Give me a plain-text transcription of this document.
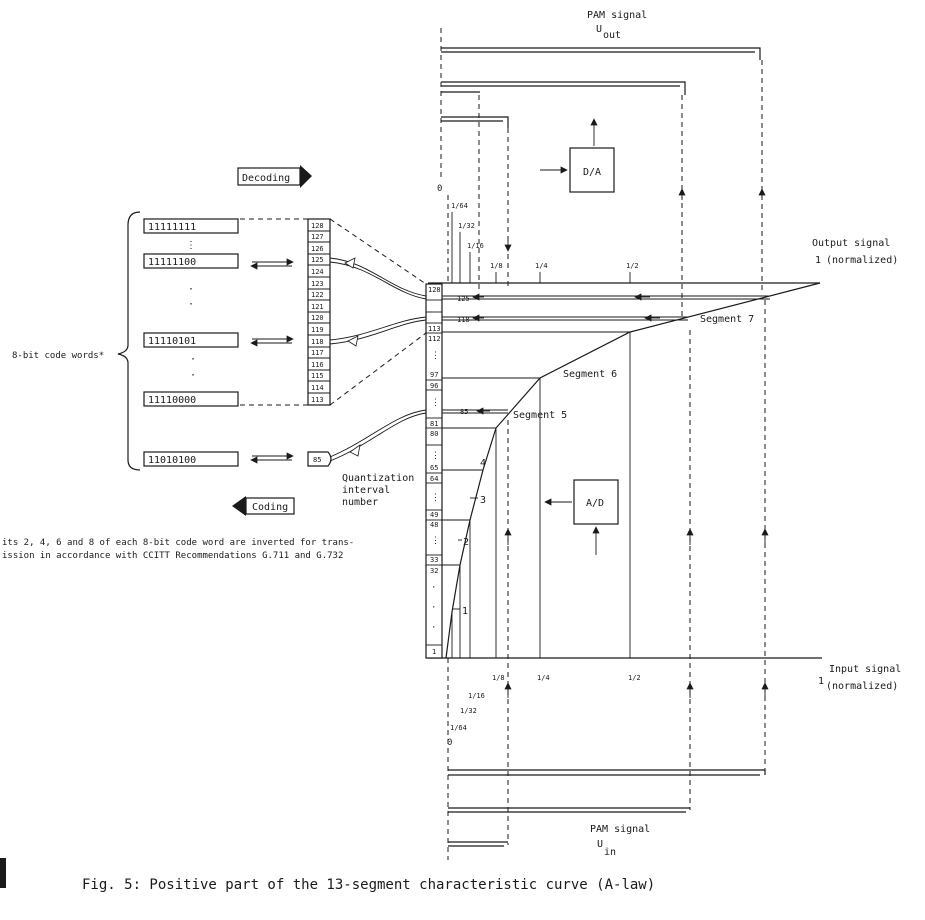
PAM signal
U
out
D/A
Decoding
0
128
125
118
113
112
97
96
85
81
80
65
64
49
48
33
32
1
⋮
⋮
⋮
⋮
⋮
·
·
·
1/64
1/32
1/16
1/8	1/4	1/2
Segment 7
Segment 6
Segment 5
4
3
2
1
Output signal
(normalized)
1
Input signal
(normalized)
1
1/8	1/4	1/2
1/16
1/32
1/64
0
A/D
PAM signal
U
in
8-bit code words*
11111111
⋮
11111100
·
·
11110101
·
·
11110000
11010100
128
127
126
125
124
123
122
121
120
119
118
117
116
115
114
113
85
Quantization
interval
number
Coding
its 2, 4, 6 and 8 of each 8-bit code word are inverted for trans-
ission in accordance with CCITT Recommendations G.711 and G.732
Fig. 5: Positive part of the 13-segment characteristic curve (A-law)
